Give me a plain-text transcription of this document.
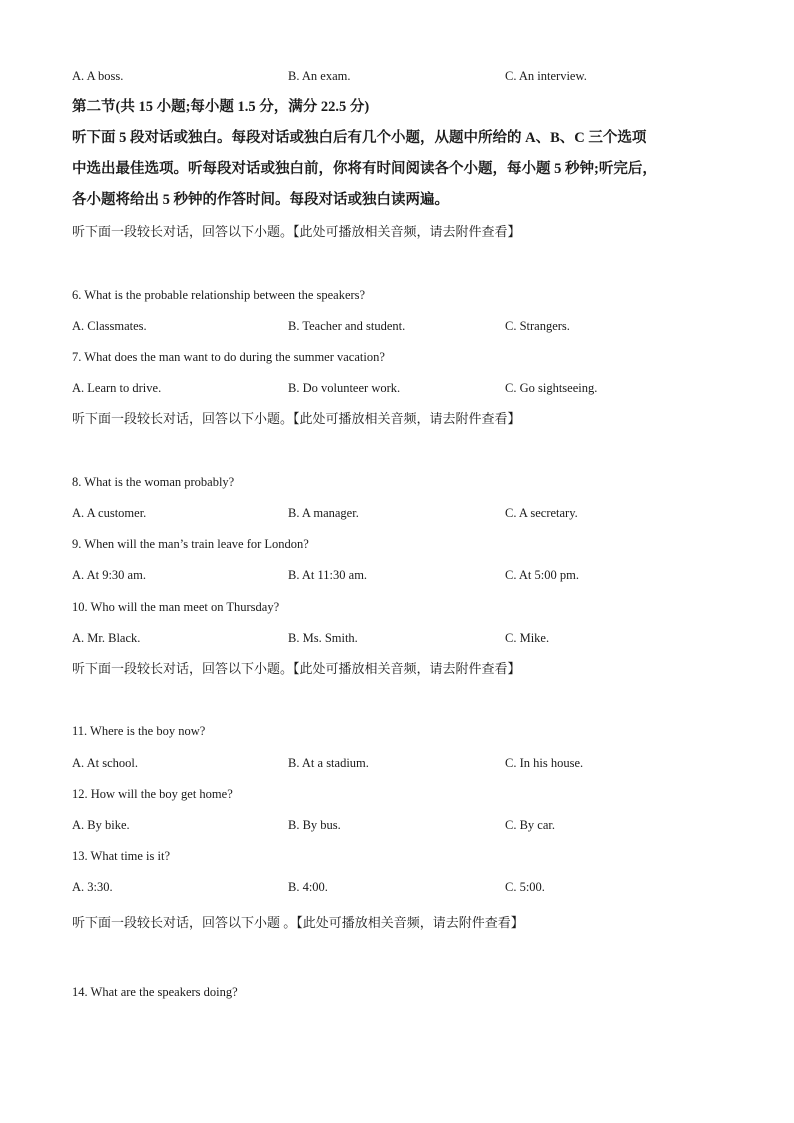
A. A boss.	B. An exam.	C. An interview.
第二节(共 15 小题;每小题 1.5 分，满分 22.5 分)
听下面 5 段对话或独白。每段对话或独白后有几个小题，从题中所给的 A、B、C 三个选项
中选出最佳选项。听每段对话或独白前，你将有时间阅读各个小题，每小题 5 秒钟;听完后，
各小题将给出 5 秒钟的作答时间。每段对话或独白读两遍。
听下面一段较长对话，回答以下小题。【此处可播放相关音频，请去附件查看】
6. What is the probable relationship between the speakers?
A. Classmates.	B. Teacher and student.	C. Strangers.
7. What does the man want to do during the summer vacation?
A. Learn to drive.	B. Do volunteer work.	C. Go sightseeing.
听下面一段较长对话，回答以下小题。【此处可播放相关音频，请去附件查看】
8. What is the woman probably?
A. A customer.	B. A manager.	C. A secretary.
9. When will the man’s train leave for London?
A. At 9:30 am.	B. At 11:30 am.	C. At 5:00 pm.
10. Who will the man meet on Thursday?
A. Mr. Black.	B. Ms. Smith.	C. Mike.
听下面一段较长对话，回答以下小题。【此处可播放相关音频，请去附件查看】
11. Where is the boy now?
A. At school.	B. At a stadium.	C. In his house.
12. How will the boy get home?
A. By bike.	B. By bus.	C. By car.
13. What time is it?
A. 3:30.	B. 4:00.	C. 5:00.
听下面一段较长对话，回答以下小题 。【此处可播放相关音频，请去附件查看】
14. What are the speakers doing?
